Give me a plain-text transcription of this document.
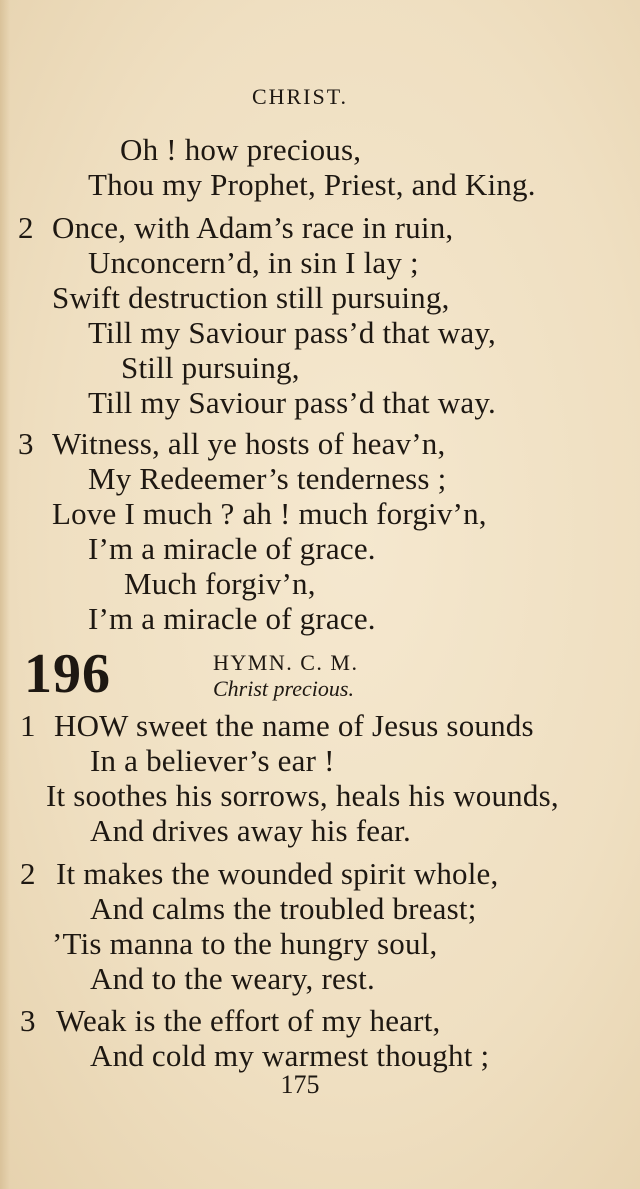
CHRIST.
Oh ! how precious,
Thou my Prophet, Priest, and King.
2 Once, with Adam’s race in ruin,
Unconcern’d, in sin I lay ;
Swift destruction still pursuing,
Till my Saviour pass’d that way,
Still pursuing,
Till my Saviour pass’d that way.
3 Witness, all ye hosts of heav’n,
My Redeemer’s tenderness ;
Love I much ? ah ! much forgiv’n,
I’m a miracle of grace.
Much forgiv’n,
I’m a miracle of grace.
196	HYMN. C. M.
Christ precious.
1 HOW sweet the name of Jesus sounds
In a believer’s ear !
It soothes his sorrows, heals his wounds,
And drives away his fear.
2 It makes the wounded spirit whole,
And calms the troubled breast;
’Tis manna to the hungry soul,
And to the weary, rest.
3 Weak is the effort of my heart,
And cold my warmest thought ;
175
